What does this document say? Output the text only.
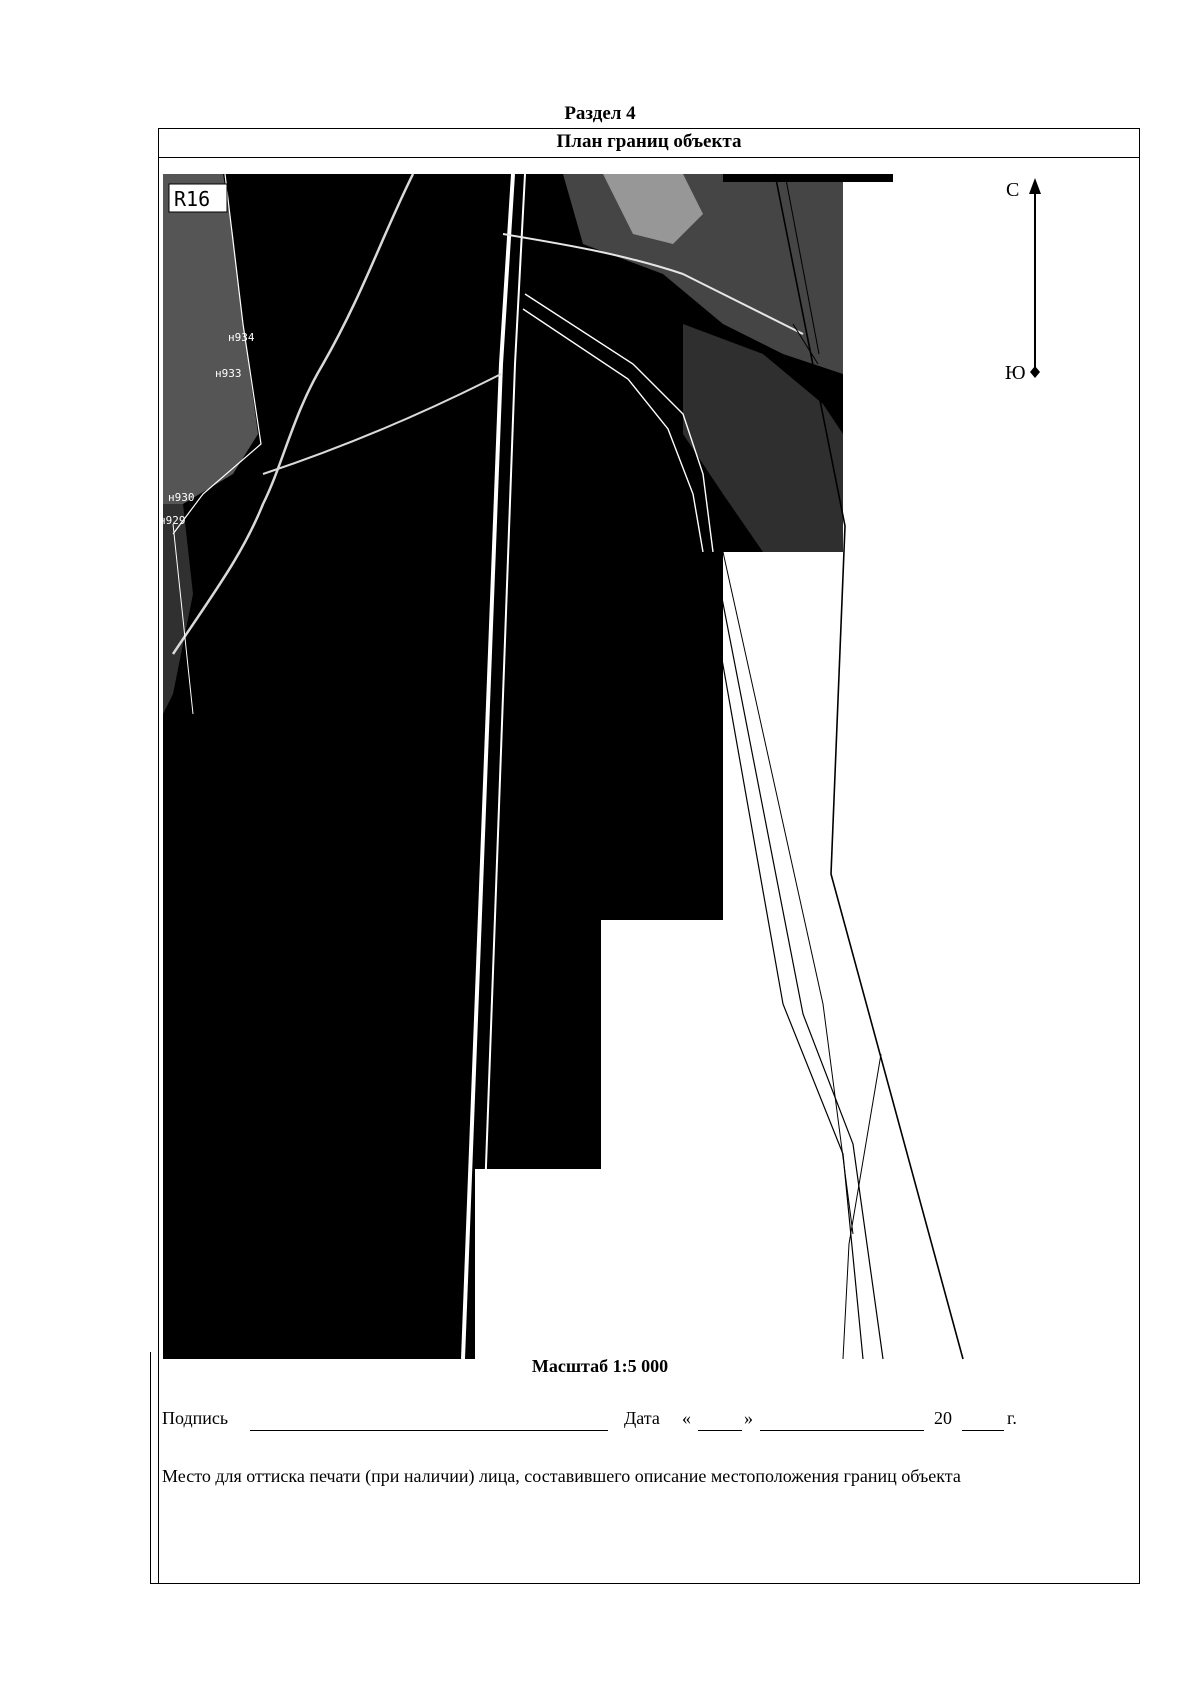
Раздел 4
План границ объекта
R16
н934
н933
н930
н929
С
Ю
Масштаб 1:5 000
Подпись	Дата «	»	20	г.
Место для оттиска печати (при наличии) лица, составившего описание местоположения границ объекта
